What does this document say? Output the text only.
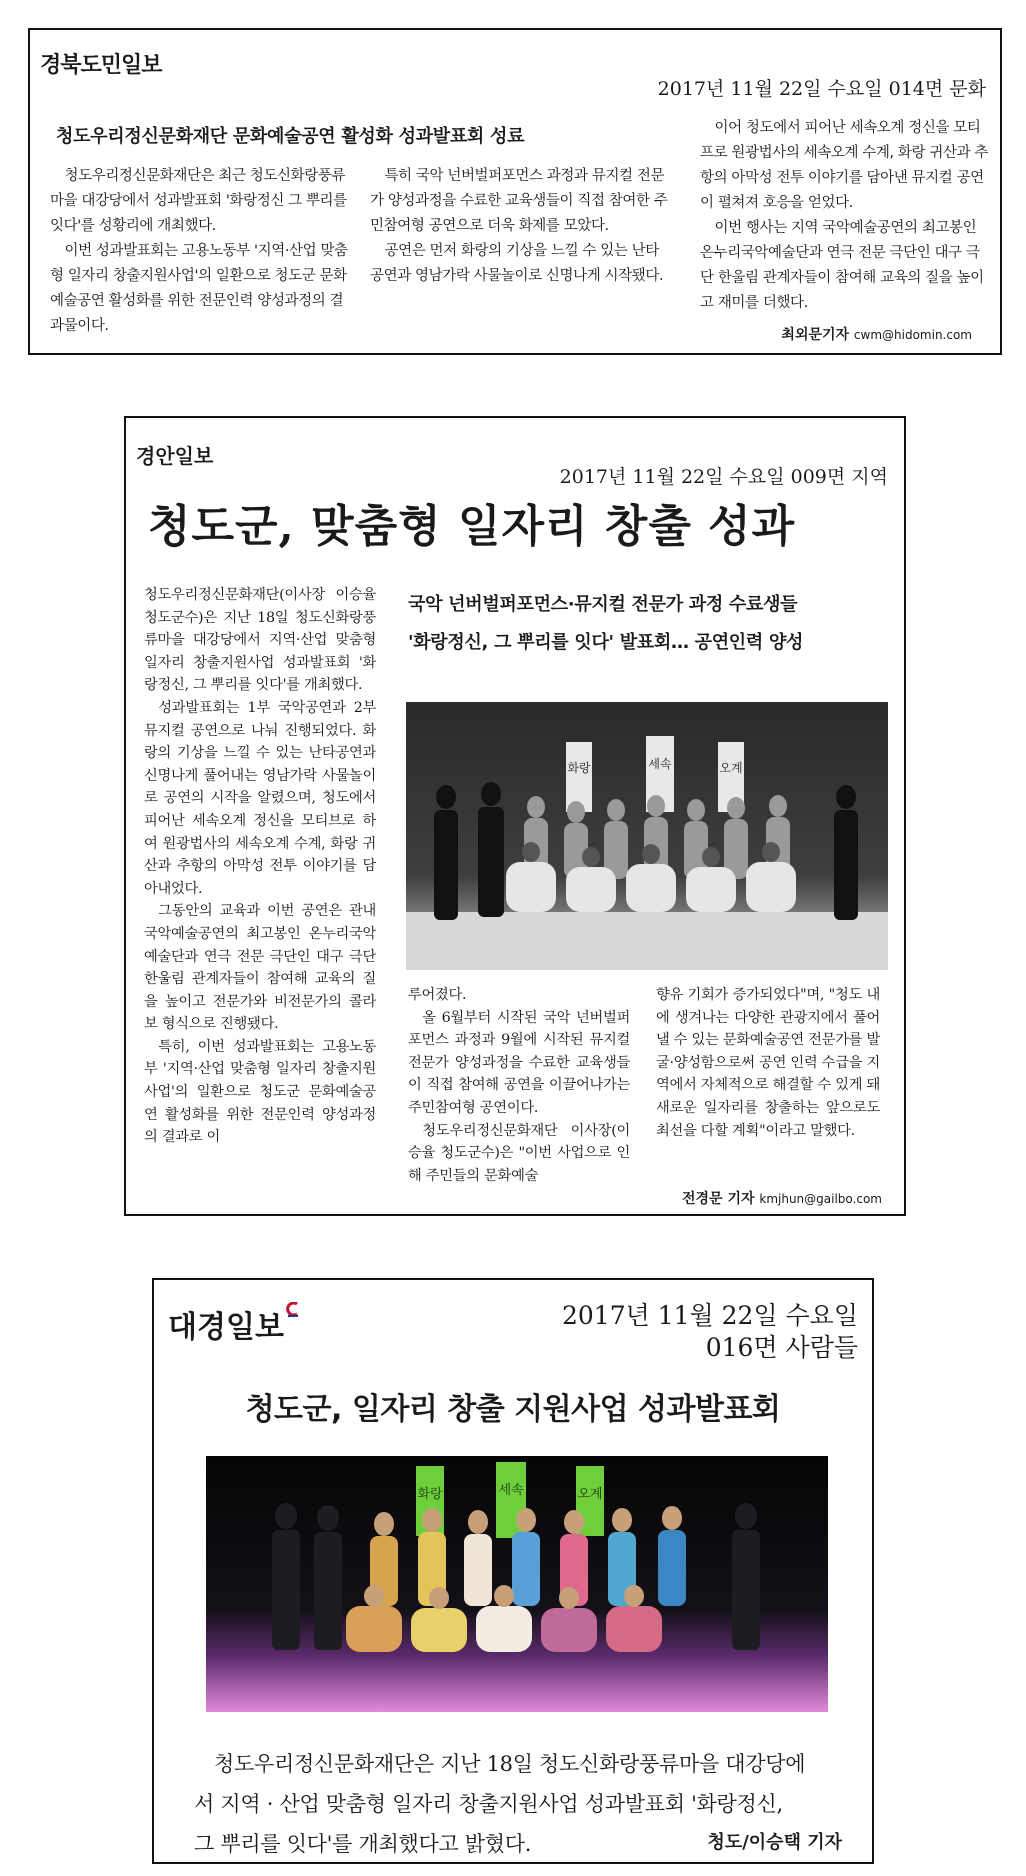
경북도민일보
2017년 11월 22일 수요일 014면 문화
청도우리정신문화재단 문화예술공연 활성화 성과발표회 성료

청도우리정신문화재단은 최근 청도신화랑풍류마을 대강당에서 성과발표회 '화랑정신 그 뿌리를 잇다'를 성황리에 개최했다.

이번 성과발표회는 고용노동부 '지역·산업 맞춤형 일자리 창출지원사업'의 일환으로 청도군 문화예술공연 활성화를 위한 전문인력 양성과정의 결과물이다.

특히 국악 넌버벌퍼포먼스 과정과 뮤지컬 전문가 양성과정을 수료한 교육생들이 직접 참여한 주민참여형 공연으로 더욱 화제를 모았다.

공연은 먼저 화랑의 기상을 느낄 수 있는 난타공연과 영남가락 사물놀이로 신명나게 시작됐다.

이어 청도에서 피어난 세속오계 정신을 모티프로 원광법사의 세속오계 수계, 화랑 귀산과 추항의 아막성 전투 이야기를 담아낸 뮤지컬 공연이 펼쳐져 호응을 얻었다.

이번 행사는 지역 국악예술공연의 최고봉인 온누리국악예술단과 연극 전문 극단인 대구 극단 한울림 관계자들이 참여해 교육의 질을 높이고 재미를 더했다.

최외문기자 cwm@hidomin.com
경안일보
2017년 11월 22일 수요일 009면 지역
청도군, 맞춤형 일자리 창출 성과
국악 넌버벌퍼포먼스·뮤지컬 전문가 과정 수료생들
'화랑정신, 그 뿌리를 잇다' 발표회… 공연인력 양성

청도우리정신문화재단(이사장 이승율 청도군수)은 지난 18일 청도신화랑풍류마을 대강당에서 지역·산업 맞춤형 일자리 창출지원사업 성과발표회 '화랑정신, 그 뿌리를 잇다'를 개최했다.

성과발표회는 1부 국악공연과 2부 뮤지컬 공연으로 나눠 진행되었다. 화랑의 기상을 느낄 수 있는 난타공연과 신명나게 풀어내는 영남가락 사물놀이로 공연의 시작을 알렸으며, 청도에서 피어난 세속오계 정신을 모티브로 하여 원광법사의 세속오계 수계, 화랑 귀산과 추항의 아막성 전투 이야기를 담아내었다.

그동안의 교육과 이번 공연은 관내 국악예술공연의 최고봉인 온누리국악예술단과 연극 전문 극단인 대구 극단 한울림 관계자들이 참여해 교육의 질을 높이고 전문가와 비전문가의 콜라보 형식으로 진행됐다.

특히, 이번 성과발표회는 고용노동부 '지역·산업 맞춤형 일자리 창출지원사업'의 일환으로 청도군 문화예술공연 활성화를 위한 전문인력 양성과정의 결과로 이

화랑	세속	오계

루어졌다.

올 6월부터 시작된 국악 넌버벌퍼포먼스 과정과 9월에 시작된 뮤지컬 전문가 양성과정을 수료한 교육생들이 직접 참여해 공연을 이끌어나가는 주민참여형 공연이다.

청도우리정신문화재단 이사장(이승율 청도군수)은 "이번 사업으로 인해 주민들의 문화예술

향유 기회가 증가되었다"며, "청도 내에 생겨나는 다양한 관광지에서 풀어 낼 수 있는 문화예술공연 전문가를 발굴·양성함으로써 공연 인력 수급을 지역에서 자체적으로 해결할 수 있게 돼 새로운 일자리를 창출하는 앞으로도 최선을 다할 계획"이라고 말했다.

전경문 기자 kmjhun@gailbo.com
대경일보	2017년 11월 22일 수요일
016면 사람들
청도군, 일자리 창출 지원사업 성과발표회
화랑	세속	오계
청도우리정신문화재단은 지난 18일 청도신화랑풍류마을 대강당에
서 지역 · 산업 맞춤형 일자리 창출지원사업 성과발표회 '화랑정신,
그 뿌리를 잇다'를 개최했다고 밝혔다.	청도/이승택 기자
